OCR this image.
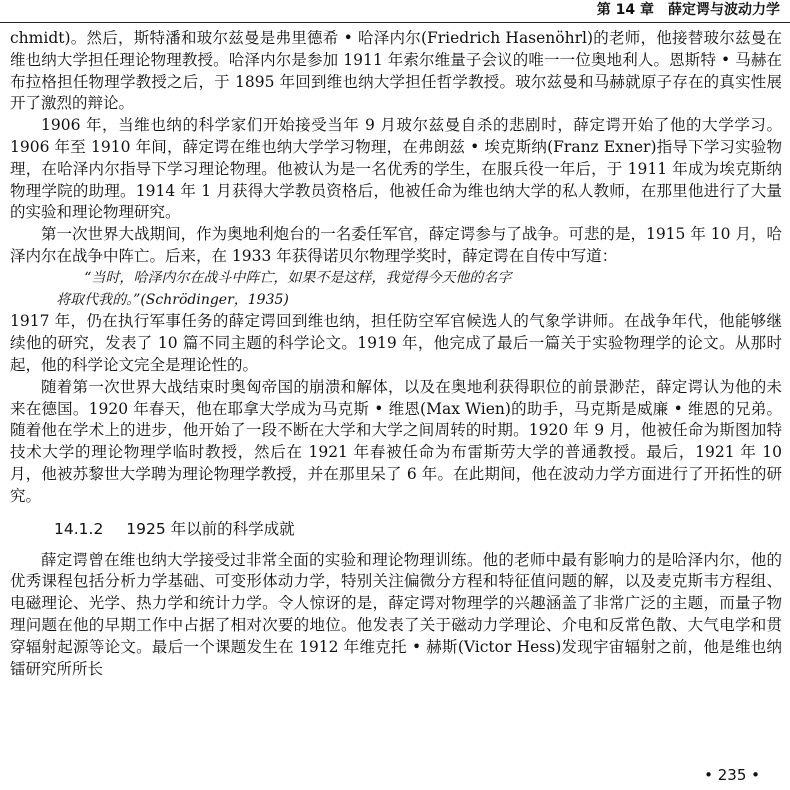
第 14 章　薛定谔与波动力学

chmidt)。然后，斯特潘和玻尔兹曼是弗里德希 • 哈泽内尔(Friedrich Hasenöhrl)的老师，他接替玻尔兹曼在维也纳大学担任理论物理教授。哈泽内尔是参加 1911 年索尔维量子会议的唯一一位奥地利人。恩斯特 • 马赫在布拉格担任物理学教授之后，于 1895 年回到维也纳大学担任哲学教授。玻尔兹曼和马赫就原子存在的真实性展开了激烈的辩论。

1906 年，当维也纳的科学家们开始接受当年 9 月玻尔兹曼自杀的悲剧时，薛定谔开始了他的大学学习。1906 年至 1910 年间，薛定谔在维也纳大学学习物理，在弗朗兹 • 埃克斯纳(Franz Exner)指导下学习实验物理，在哈泽内尔指导下学习理论物理。他被认为是一名优秀的学生，在服兵役一年后，于 1911 年成为埃克斯纳物理学院的助理。1914 年 1 月获得大学教员资格后，他被任命为维也纳大学的私人教师，在那里他进行了大量的实验和理论物理研究。

第一次世界大战期间，作为奥地利炮台的一名委任军官，薛定谔参与了战争。可悲的是，1915 年 10 月，哈泽内尔在战争中阵亡。后来，在 1933 年获得诺贝尔物理学奖时，薛定谔在自传中写道：

“当时，哈泽内尔在战斗中阵亡，如果不是这样，我觉得今天他的名字

将取代我的。”(Schrödinger，1935)

1917 年，仍在执行军事任务的薛定谔回到维也纳，担任防空军官候选人的气象学讲师。在战争年代，他能够继续他的研究，发表了 10 篇不同主题的科学论文。1919 年，他完成了最后一篇关于实验物理学的论文。从那时起，他的科学论文完全是理论性的。

随着第一次世界大战结束时奥匈帝国的崩溃和解体，以及在奥地利获得职位的前景渺茫，薛定谔认为他的未来在德国。1920 年春天，他在耶拿大学成为马克斯 • 维恩(Max Wien)的助手，马克斯是威廉 • 维恩的兄弟。随着他在学术上的进步，他开始了一段不断在大学和大学之间周转的时期。1920 年 9 月，他被任命为斯图加特技术大学的理论物理学临时教授，然后在 1921 年春被任命为布雷斯劳大学的普通教授。最后，1921 年 10 月，他被苏黎世大学聘为理论物理学教授，并在那里呆了 6 年。在此期间，他在波动力学方面进行了开拓性的研究。

14.1.2 1925 年以前的科学成就

薛定谔曾在维也纳大学接受过非常全面的实验和理论物理训练。他的老师中最有影响力的是哈泽内尔，他的优秀课程包括分析力学基础、可变形体动力学，特别关注偏微分方程和特征值问题的解，以及麦克斯韦方程组、电磁理论、光学、热力学和统计力学。令人惊讶的是，薛定谔对物理学的兴趣涵盖了非常广泛的主题，而量子物理问题在他的早期工作中占据了相对次要的地位。他发表了关于磁动力学理论、介电和反常色散、大气电学和贯穿辐射起源等论文。最后一个课题发生在 1912 年维克托 • 赫斯(Victor Hess)发现宇宙辐射之前，他是维也纳镭研究所所长

• 235 •
